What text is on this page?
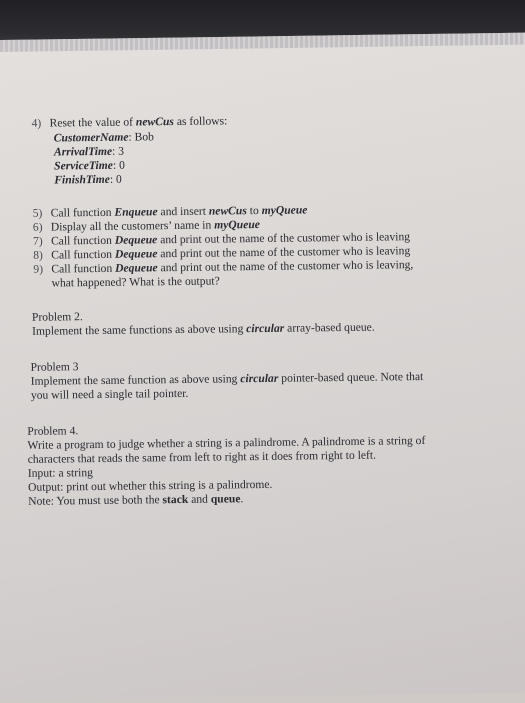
4) Reset the value of newCus as follows:
CustomerName: Bob
ArrivalTime: 3
ServiceTime: 0
FinishTime: 0
5) Call function Enqueue and insert newCus to myQueue
6) Display all the customers’ name in myQueue
7) Call function Dequeue and print out the name of the customer who is leaving
8) Call function Dequeue and print out the name of the customer who is leaving
9) Call function Dequeue and print out the name of the customer who is leaving,
what happened? What is the output?
Problem 2.
Implement the same functions as above using circular array-based queue.
Problem 3
Implement the same function as above using circular pointer-based queue. Note that
you will need a single tail pointer.
Problem 4.
Write a program to judge whether a string is a palindrome. A palindrome is a string of
characters that reads the same from left to right as it does from right to left.
Input: a string
Output: print out whether this string is a palindrome.
Note: You must use both the stack and queue.
